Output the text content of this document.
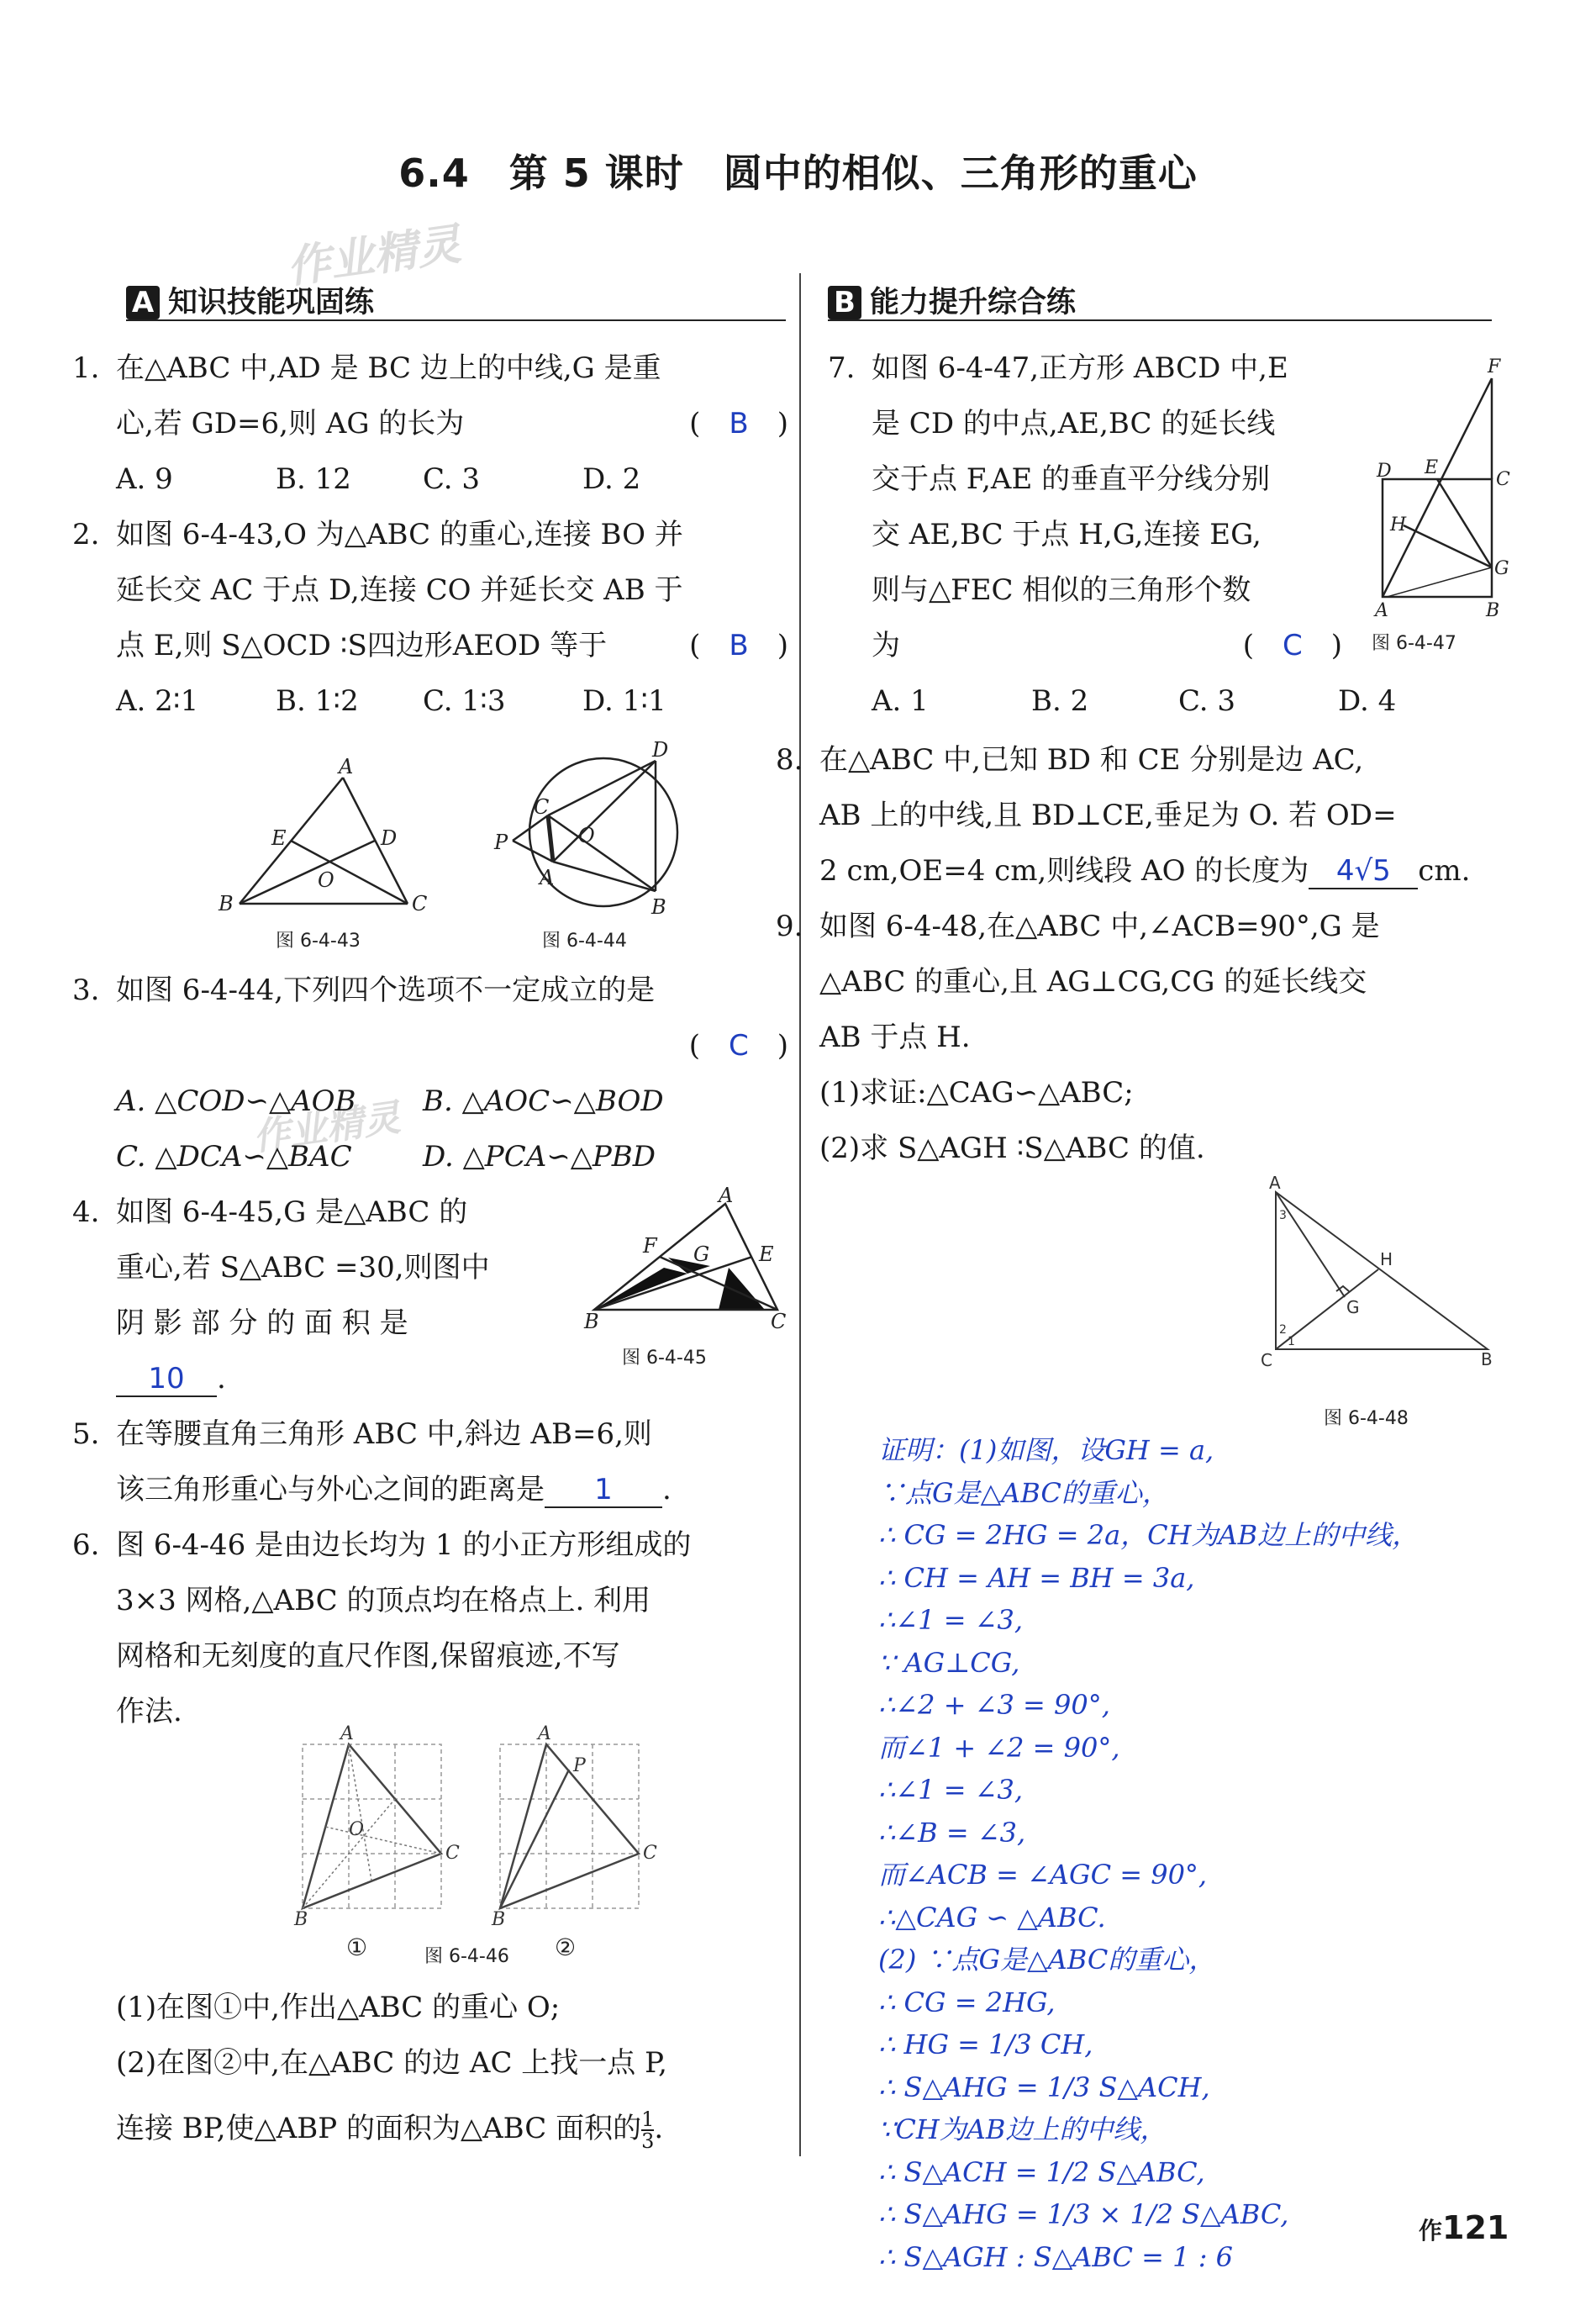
6.4　第 5 课时　圆中的相似、三角形的重心
作业精灵
作业精灵
A 知识技能巩固练	B 能力提升综合练
1. 在△ABC 中,AD 是 BC 边上的中线,G 是重
心,若 GD=6,则 AG 的长为	(　B　)
A. 9	B. 12	C. 3	D. 2
2. 如图 6-4-43,O 为△ABC 的重心,连接 BO 并
延长交 AC 于点 D,连接 CO 并延长交 AB 于
点 E,则 S△OCD ∶S四边形AEOD 等于	(　B　)
A. 2∶1	B. 1∶2	C. 1∶3	D. 1∶1
A
B	C
D
E
O
图 6-4-43
D
C
P
A
O
B
图 6-4-44
3. 如图 6-4-44,下列四个选项不一定成立的是
(　C　)
A. △COD∽△AOB	B. △AOC∽△BOD
C. △DCA∽△BAC	D. △PCA∽△PBD
4. 如图 6-4-45,G 是△ABC 的
重心,若 S△ABC =30,则图中
阴 影 部 分 的 面 积 是
10 .
5. 在等腰直角三角形 ABC 中,斜边 AB=6,则
该三角形重心与外心之间的距离是 1 .
6. 图 6-4-46 是由边长均为 1 的小正方形组成的
3×3 网格,△ABC 的顶点均在格点上. 利用
网格和无刻度的直尺作图,保留痕迹,不写
作法.
A
B	C
E
F G
图 6-4-45
A
B
C
O
A
B
C
P
①	图 6-4-46 ②
(1)在图①中,作出△ABC 的重心 O;
(2)在图②中,在△ABC 的边 AC 上找一点 P,
连接 BP,使△ABP 的面积为△ABC 面积的 $\frac{1}{3}$ .
7. 如图 6-4-47,正方形 ABCD 中,E
是 CD 的中点,AE,BC 的延长线
交于点 F,AE 的垂直平分线分别
交 AE,BC 于点 H,G,连接 EG,
则与△FEC 相似的三角形个数
为	(　C　)
A. 1	B. 2	C. 3	D. 4
F
D E
C
H
G
A	B
图 6-4-47
8. 在△ABC 中,已知 BD 和 CE 分别是边 AC,
AB 上的中线,且 BD⊥CE,垂足为 O. 若 OD=
2 cm,OE=4 cm,则线段 AO 的长度为 4√5 cm.
9. 如图 6-4-48,在△ABC 中,∠ACB=90°,G 是
△ABC 的重心,且 AG⊥CG,CG 的延长线交
AB 于点 H.
(1)求证:△CAG∽△ABC;
(2)求 S△AGH ∶S△ABC 的值.
A
C	B
H
G
1
2
3
图 6-4-48
证明：(1)如图，设GH = a,
∵点G是△ABC的重心，
∴ CG = 2HG = 2a，CH为AB边上的中线，
∴ CH = AH = BH = 3a,
∴∠1 = ∠3,
∵ AG⊥CG,
∴∠2 + ∠3 = 90°,
而∠1 + ∠2 = 90°,
∴∠1 = ∠3,
∴∠B = ∠3,
而∠ACB = ∠AGC = 90°,
∴△CAG ∽ △ABC.
(2) ∵点G是△ABC的重心，
∴ CG = 2HG,
∴ HG = 1/3 CH,
∴ S△AHG = 1/3 S△ACH,
∵CH为AB边上的中线，
∴ S△ACH = 1/2 S△ABC,
∴ S△AHG = 1/3 × 1/2 S△ABC,
∴ S△AGH : S△ABC = 1 : 6
作121
